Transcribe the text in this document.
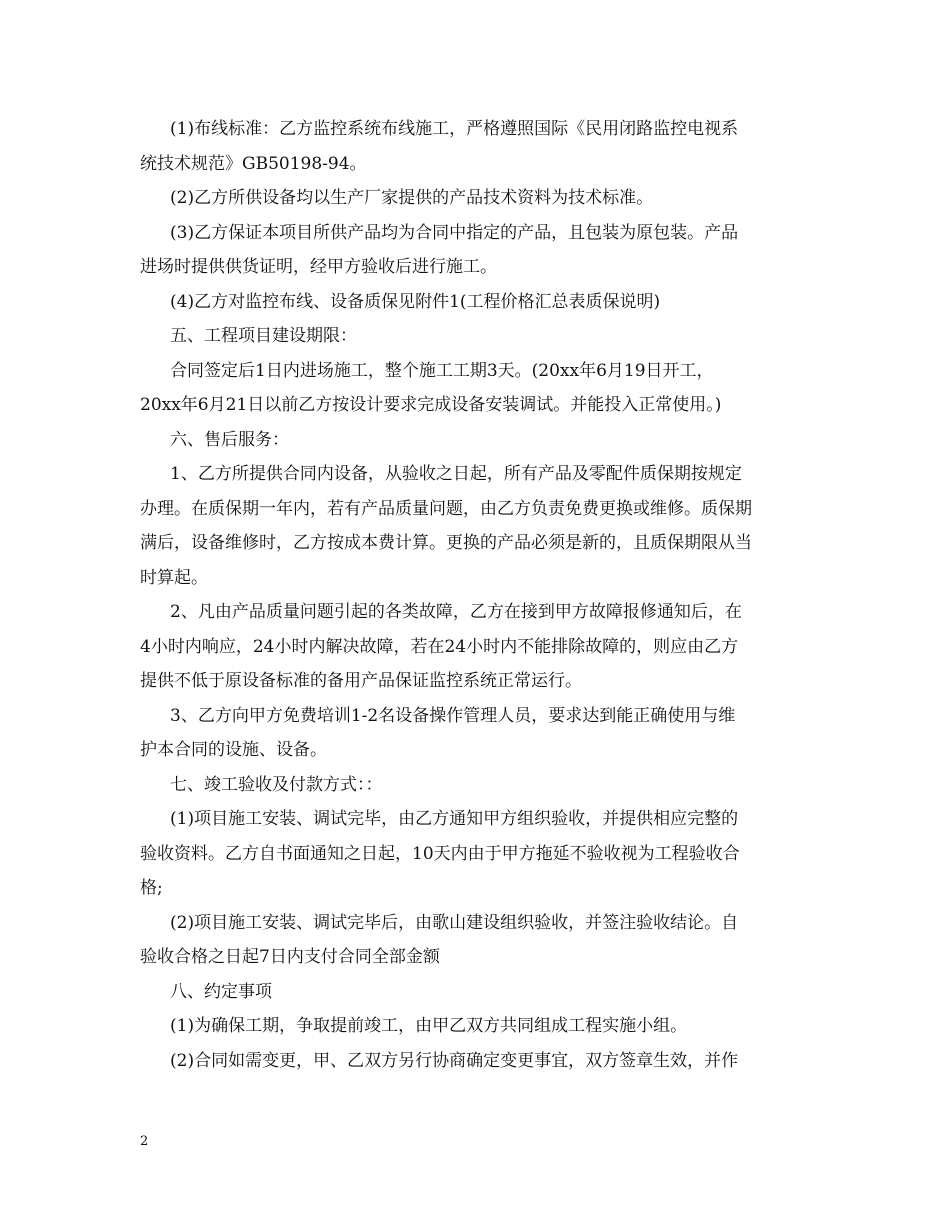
(1)布线标准：乙方监控系统布线施工，严格遵照国际《民用闭路监控电视系
统技术规范》GB50198-94。
(2)乙方所供设备均以生产厂家提供的产品技术资料为技术标准。
(3)乙方保证本项目所供产品均为合同中指定的产品，且包装为原包装。产品
进场时提供供货证明，经甲方验收后进行施工。
(4)乙方对监控布线、设备质保见附件1(工程价格汇总表质保说明)
五、工程项目建设期限：
合同签定后1日内进场施工，整个施工工期3天。(20xx年6月19日开工，
20xx年6月21日以前乙方按设计要求完成设备安装调试。并能投入正常使用。)
六、售后服务：
1、乙方所提供合同内设备，从验收之日起，所有产品及零配件质保期按规定
办理。在质保期一年内，若有产品质量问题，由乙方负责免费更换或维修。质保期
满后，设备维修时，乙方按成本费计算。更换的产品必须是新的，且质保期限从当
时算起。
2、凡由产品质量问题引起的各类故障，乙方在接到甲方故障报修通知后，在
4小时内响应，24小时内解决故障，若在24小时内不能排除故障的，则应由乙方
提供不低于原设备标准的备用产品保证监控系统正常运行。
3、乙方向甲方免费培训1-2名设备操作管理人员，要求达到能正确使用与维
护本合同的设施、设备。
七、竣工验收及付款方式：：
(1)项目施工安装、调试完毕，由乙方通知甲方组织验收，并提供相应完整的
验收资料。乙方自书面通知之日起，10天内由于甲方拖延不验收视为工程验收合
格;
(2)项目施工安装、调试完毕后，由歌山建设组织验收，并签注验收结论。自
验收合格之日起7日内支付合同全部金额
八、约定事项
(1)为确保工期，争取提前竣工，由甲乙双方共同组成工程实施小组。
(2)合同如需变更，甲、乙双方另行协商确定变更事宜，双方签章生效，并作
2
